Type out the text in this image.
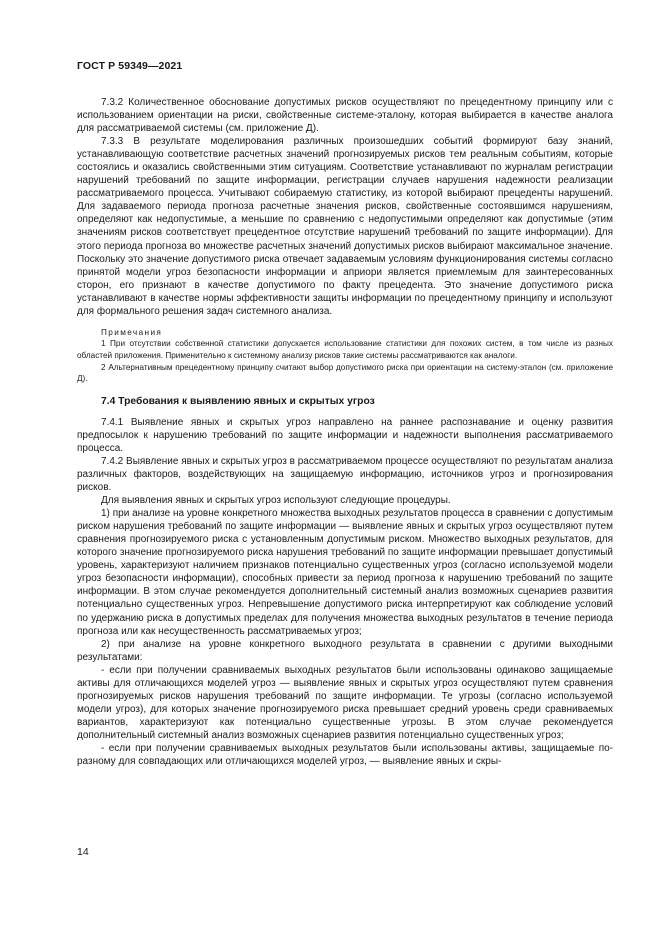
ГОСТ Р 59349—2021

7.3.2 Количественное обоснование допустимых рисков осуществляют по прецедентному принципу или с использованием ориентации на риски, свойственные системе-эталону, которая выбирается в качестве аналога для рассматриваемой системы (см. приложение Д).

7.3.3 В результате моделирования различных произошедших событий формируют базу знаний, устанавливающую соответствие расчетных значений прогнозируемых рисков тем реальным событиям, которые состоялись и оказались свойственными этим ситуациям. Соответствие устанавливают по журналам регистрации нарушений требований по защите информации, регистрации случаев нарушения надежности реализации рассматриваемого процесса. Учитывают собираемую статистику, из которой выбирают прецеденты нарушений. Для задаваемого периода прогноза расчетные значения рисков, свойственные состоявшимся нарушениям, определяют как недопустимые, а меньшие по сравнению с недопустимыми определяют как допустимые (этим значениям рисков соответствует прецедентное отсутствие нарушений требований по защите информации). Для этого периода прогноза во множестве расчетных значений допустимых рисков выбирают максимальное значение. Поскольку это значение допустимого риска отвечает задаваемым условиям функционирования системы согласно принятой модели угроз безопасности информации и априори является приемлемым для заинтересованных сторон, его признают в качестве допустимого по факту прецедента. Это значение допустимого риска устанавливают в качестве нормы эффективности защиты информации по прецедентному принципу и используют для формального решения задач системного анализа.

Примечания

1 При отсутствии собственной статистики допускается использование статистики для похожих систем, в том числе из разных областей приложения. Применительно к системному анализу рисков такие системы рассматриваются как аналоги.

2 Альтернативным прецедентному принципу считают выбор допустимого риска при ориентации на систему-эталон (см. приложение Д).

7.4 Требования к выявлению явных и скрытых угроз

7.4.1 Выявление явных и скрытых угроз направлено на раннее распознавание и оценку развития предпосылок к нарушению требований по защите информации и надежности выполнения рассматриваемого процесса.

7.4.2 Выявление явных и скрытых угроз в рассматриваемом процессе осуществляют по результатам анализа различных факторов, воздействующих на защищаемую информацию, источников угроз и прогнозирования рисков.

Для выявления явных и скрытых угроз используют следующие процедуры.

1) при анализе на уровне конкретного множества выходных результатов процесса в сравнении с допустимым риском нарушения требований по защите информации — выявление явных и скрытых угроз осуществляют путем сравнения прогнозируемого риска с установленным допустимым риском. Множество выходных результатов, для которого значение прогнозируемого риска нарушения требований по защите информации превышает допустимый уровень, характеризуют наличием признаков потенциально существенных угроз (согласно используемой модели угроз безопасности информации), способных привести за период прогноза к нарушению требований по защите информации. В этом случае рекомендуется дополнительный системный анализ возможных сценариев развития потенциально существенных угроз. Непревышение допустимого риска интерпретируют как соблюдение условий по удержанию риска в допустимых пределах для получения множества выходных результатов в течение периода прогноза или как несущественность рассматриваемых угроз;

2) при анализе на уровне конкретного выходного результата в сравнении с другими выходными результатами:

- если при получении сравниваемых выходных результатов были использованы одинаково защищаемые активы для отличающихся моделей угроз — выявление явных и скрытых угроз осуществляют путем сравнения прогнозируемых рисков нарушения требований по защите информации. Те угрозы (согласно используемой модели угроз), для которых значение прогнозируемого риска превышает средний уровень среди сравниваемых вариантов, характеризуют как потенциально существенные угрозы. В этом случае рекомендуется дополнительный системный анализ возможных сценариев развития потенциально существенных угроз;

- если при получении сравниваемых выходных результатов были использованы активы, защищаемые по-разному для совпадающих или отличающихся моделей угроз, — выявление явных и скры-

14
